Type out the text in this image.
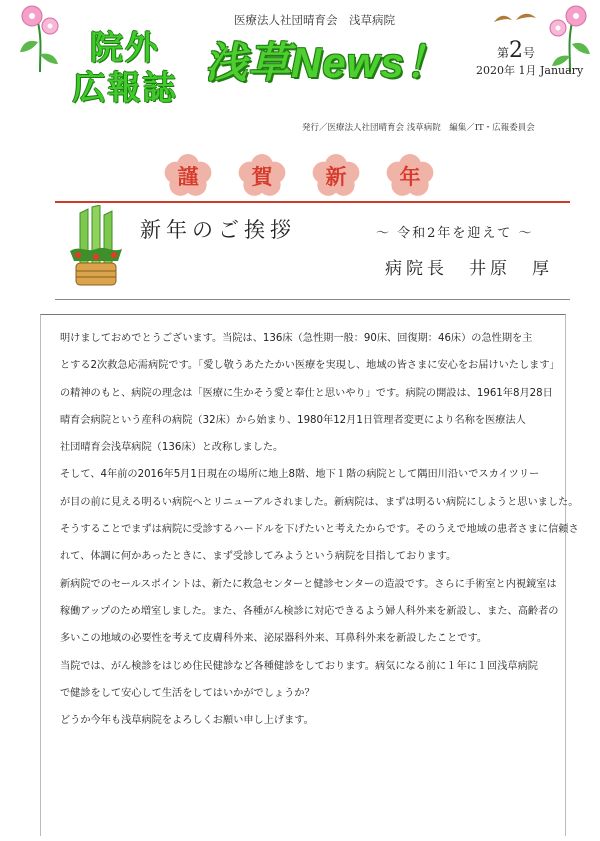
院外
広報誌
医療法人社団晴育会　浅草病院
浅草News！	第2号
2020年 1月 January
発行／医療法人社団晴育会 浅草病院　編集／IT・広報委員会
謹	賀	新	年
新年のご挨拶	～ 令和2年を迎えて ～
病院長　井原　厚

明けましておめでとうございます。当院は、136床（急性期一般：90床、回復期：46床）の急性期を主

とする2次救急応需病院です。「愛し敬うあたたかい医療を実現し、地域の皆さまに安心をお届けいたします」

の精神のもと、病院の理念は「医療に生かそう愛と奉仕と思いやり」です。病院の開設は、1961年8月28日

晴育会病院という産科の病院（32床）から始まり、1980年12月1日管理者変更により名称を医療法人

社団晴育会浅草病院（136床）と改称しました。

そして、4年前の2016年5月1日現在の場所に地上8階、地下１階の病院として隅田川沿いでスカイツリー

が目の前に見える明るい病院へとリニューアルされました。新病院は、まずは明るい病院にしようと思いました。

そうすることでまずは病院に受診するハードルを下げたいと考えたからです。そのうえで地域の患者さまに信頼さ

れて、体調に何かあったときに、まず受診してみようという病院を目指しております。

新病院でのセールスポイントは、新たに救急センターと健診センターの造設です。さらに手術室と内視鏡室は

稼働アップのため増室しました。また、各種がん検診に対応できるよう婦人科外来を新設し、また、高齢者の

多いこの地域の必要性を考えて皮膚科外来、泌尿器科外来、耳鼻科外来を新設したことです。

当院では、がん検診をはじめ住民健診など各種健診をしております。病気になる前に１年に１回浅草病院

で健診をして安心して生活をしてはいかがでしょうか？

どうか今年も浅草病院をよろしくお願い申し上げます。
